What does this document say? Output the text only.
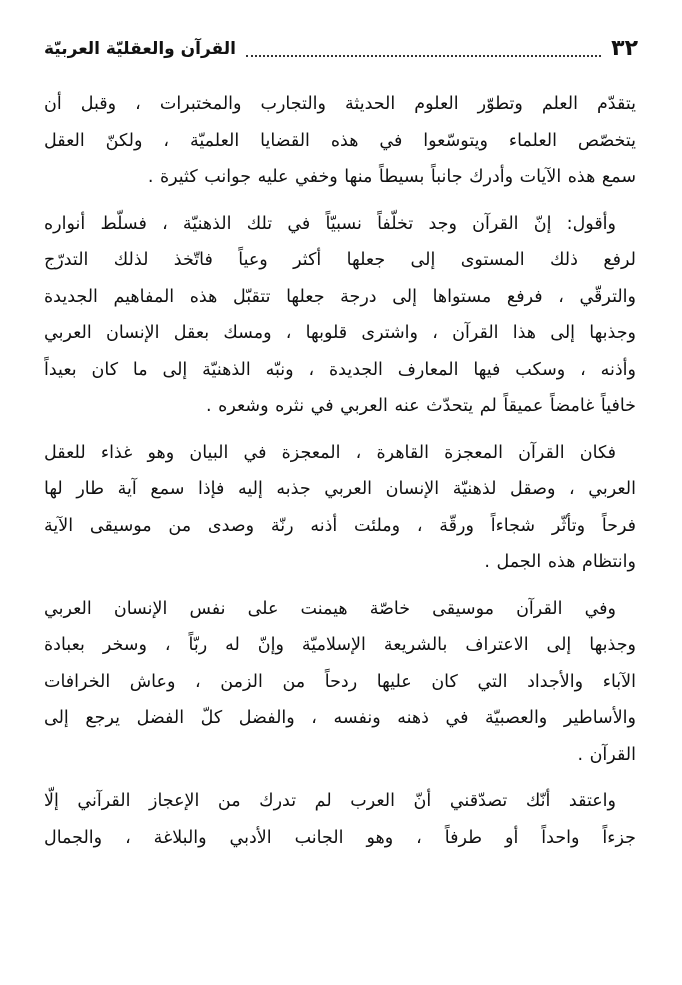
٣٢
القرآن والعقليّة العربيّة

يتقدّم العلم وتطوّر العلوم الحديثة والتجارب والمختبرات ، وقبل أن
يتخصّص العلماء ويتوسّعوا في هذه القضايا العلميّة ، ولكنّ العقل
سمع هذه الآيات وأدرك جانباً بسيطاً منها وخفي عليه جوانب كثيرة .

وأقول: إنّ القرآن وجد تخلّفاً نسبيّاً في تلك الذهنيّة ، فسلّط أنواره
لرفع ذلك المستوى إلى جعلها أكثر وعياً فاتّخذ لذلك التدرّج
والترقّي ، فرفع مستواها إلى درجة جعلها تتقبّل هذه المفاهيم الجديدة
وجذبها إلى هذا القرآن ، واشترى قلوبها ، ومسك بعقل الإنسان العربي
وأذنه ، وسكب فيها المعارف الجديدة ، ونبّه الذهنيّة إلى ما كان بعيداً
خافياً غامضاً عميقاً لم يتحدّث عنه العربي في نثره وشعره .

فكان القرآن المعجزة القاهرة ، المعجزة في البيان وهو غذاء للعقل
العربي ، وصقل لذهنيّة الإنسان العربي جذبه إليه فإذا سمع آية طار لها
فرحاً وتأثّر شجاءاً ورقّة ، وملئت أذنه رنّة وصدى من موسيقى الآية
وانتظام هذه الجمل .

وفي القرآن موسيقى خاصّة هيمنت على نفس الإنسان العربي
وجذبها إلى الاعتراف بالشريعة الإسلاميّة وإنّ له ربّاً ، وسخر بعبادة
الآباء والأجداد التي كان عليها ردحاً من الزمن ، وعاش الخرافات
والأساطير والعصبيّة في ذهنه ونفسه ، والفضل كلّ الفضل يرجع إلى
القرآن .

واعتقد أنّك تصدّقني أنّ العرب لم تدرك من الإعجاز القرآني إلّا
جزءاً واحداً أو طرفاً ، وهو الجانب الأدبي والبلاغة ، والجمال
